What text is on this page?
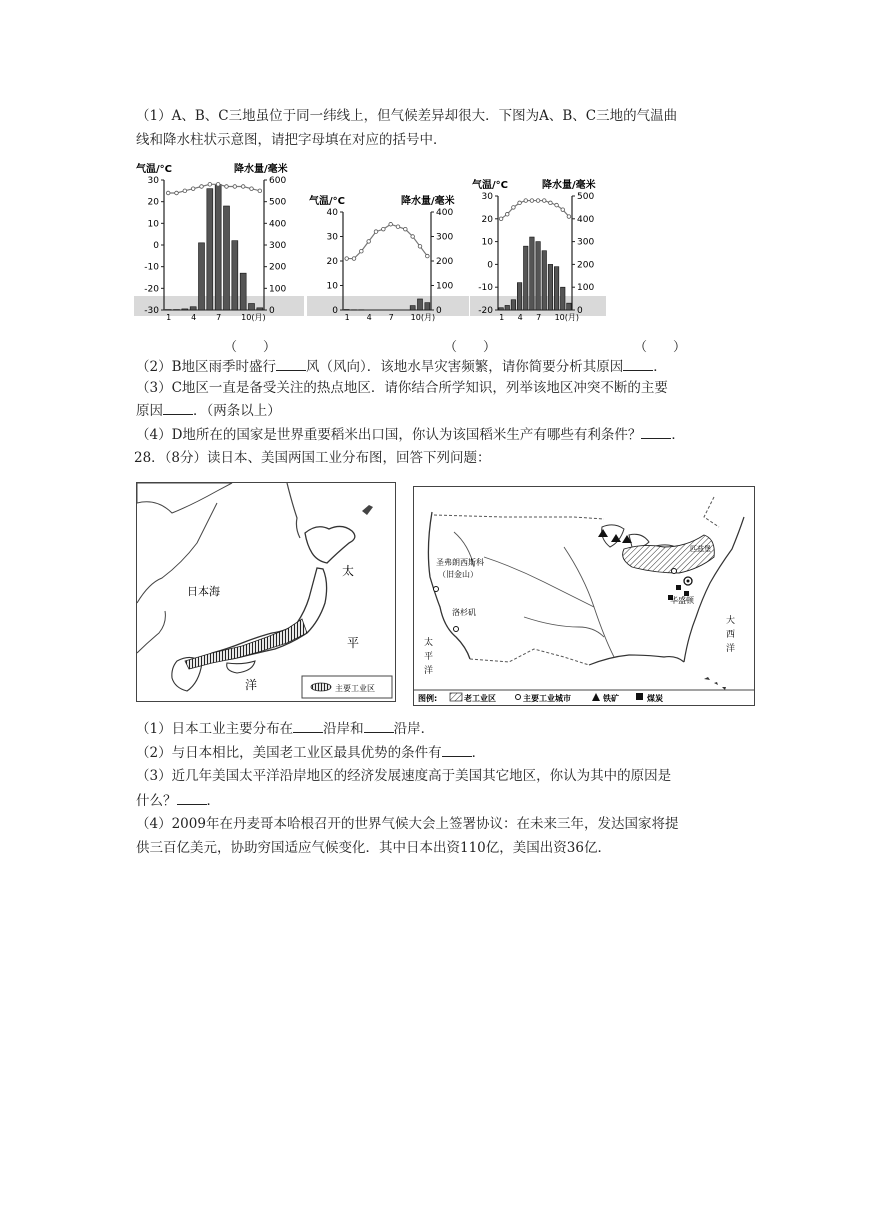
（1）A、B、C三地虽位于同一纬线上，但气候差异却很大．下图为A、B、C三地的气温曲
线和降水柱状示意图，请把字母填在对应的括号中．
气温/°C	降水量/毫米
30
20
10
0
-10
-20
-30
600
500
400
300
200
100
0
1 4 7 10(月)
气温/°C	降水量/毫米
40
30
20
10
0
400
300
200
100
0
1 4 7 10(月)
气温/°C	降水量/毫米
30
20
10
0
-10
-20
500
400
300
200
100
0
1 4 7 10(月)
（　　）	（　　）	（　　）
（2）B地区雨季时盛行 风（风向）．该地水旱灾害频繁，请你简要分析其原因 ．
（3）C地区一直是备受关注的热点地区．请你结合所学知识，列举该地区冲突不断的主要
原因 ．（两条以上）
（4）D地所在的国家是世界重要稻米出口国，你认为该国稻米生产有哪些有利条件？ ．
28．（8分）读日本、美国两国工业分布图，回答下列问题：
日本海
太
平
洋	主要工业区
圣弗朗西斯科
（旧金山）
洛杉矶
华盛顿
匹兹堡
太
平
洋
大
西
洋
图例:	老工业区	主要工业城市	铁矿	煤炭
（1）日本工业主要分布在 沿岸和 沿岸．
（2）与日本相比，美国老工业区最具优势的条件有 ．
（3）近几年美国太平洋沿岸地区的经济发展速度高于美国其它地区，你认为其中的原因是
什么？ ．
（4）2009年在丹麦哥本哈根召开的世界气候大会上签署协议：在未来三年，发达国家将提
供三百亿美元，协助穷国适应气候变化．其中日本出资110亿，美国出资36亿．
